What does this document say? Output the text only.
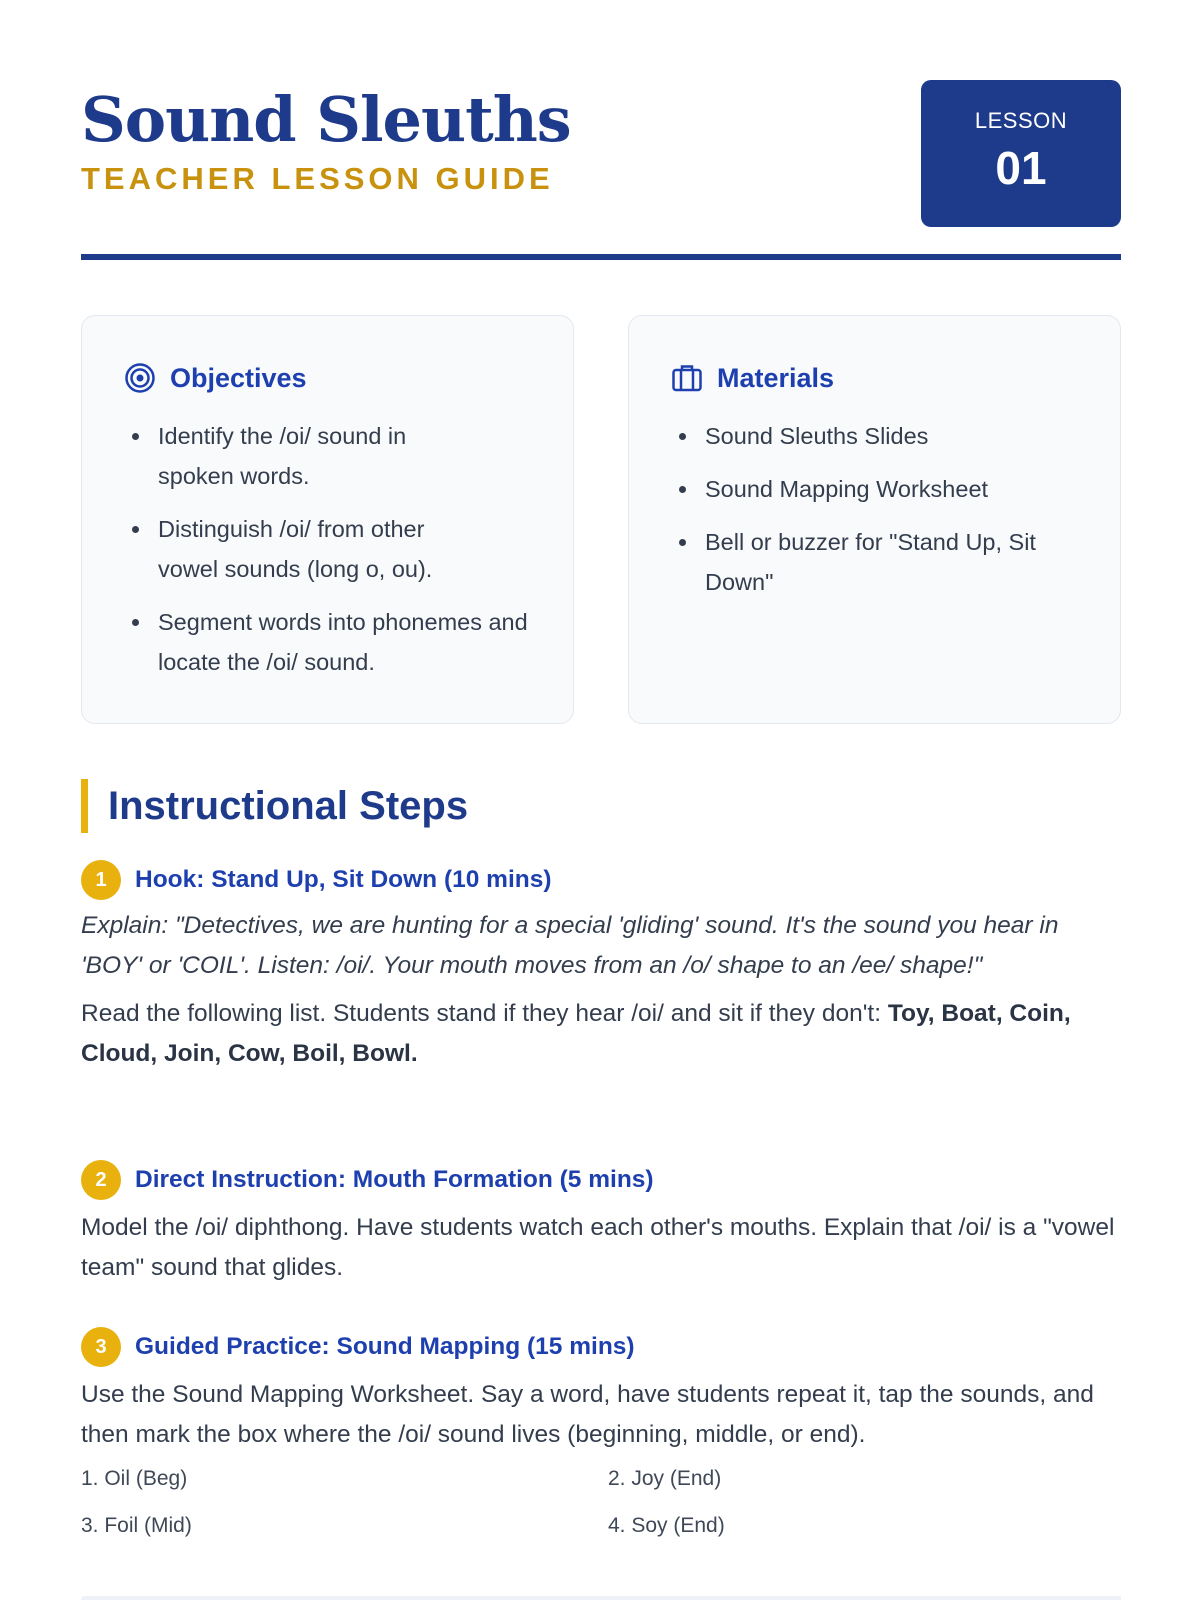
Sound Sleuths
TEACHER LESSON GUIDE
LESSON
01
Objectives
Identify the /oi/ sound in spoken words.
Distinguish /oi/ from other vowel sounds (long o, ou).
Segment words into phonemes and locate the /oi/ sound.
Materials
Sound Sleuths Slides
Sound Mapping Worksheet
Bell or buzzer for "Stand Up, Sit Down"
Instructional Steps
1	Hook: Stand Up, Sit Down (10 mins)
Explain: "Detectives, we are hunting for a special 'gliding' sound. It's the sound you hear in 'BOY' or 'COIL'. Listen: /oi/. Your mouth moves from an /o/ shape to an /ee/ shape!"
Read the following list. Students stand if they hear /oi/ and sit if they don't: Toy, Boat, Coin, Cloud, Join, Cow, Boil, Bowl.
2	Direct Instruction: Mouth Formation (5 mins)
Model the /oi/ diphthong. Have students watch each other's mouths. Explain that /oi/ is a "vowel team" sound that glides.
3	Guided Practice: Sound Mapping (15 mins)
Use the Sound Mapping Worksheet. Say a word, have students repeat it, tap the sounds, and then mark the box where the /oi/ sound lives (beginning, middle, or end).
1. Oil (Beg)	2. Joy (End)
3. Foil (Mid)	4. Soy (End)
